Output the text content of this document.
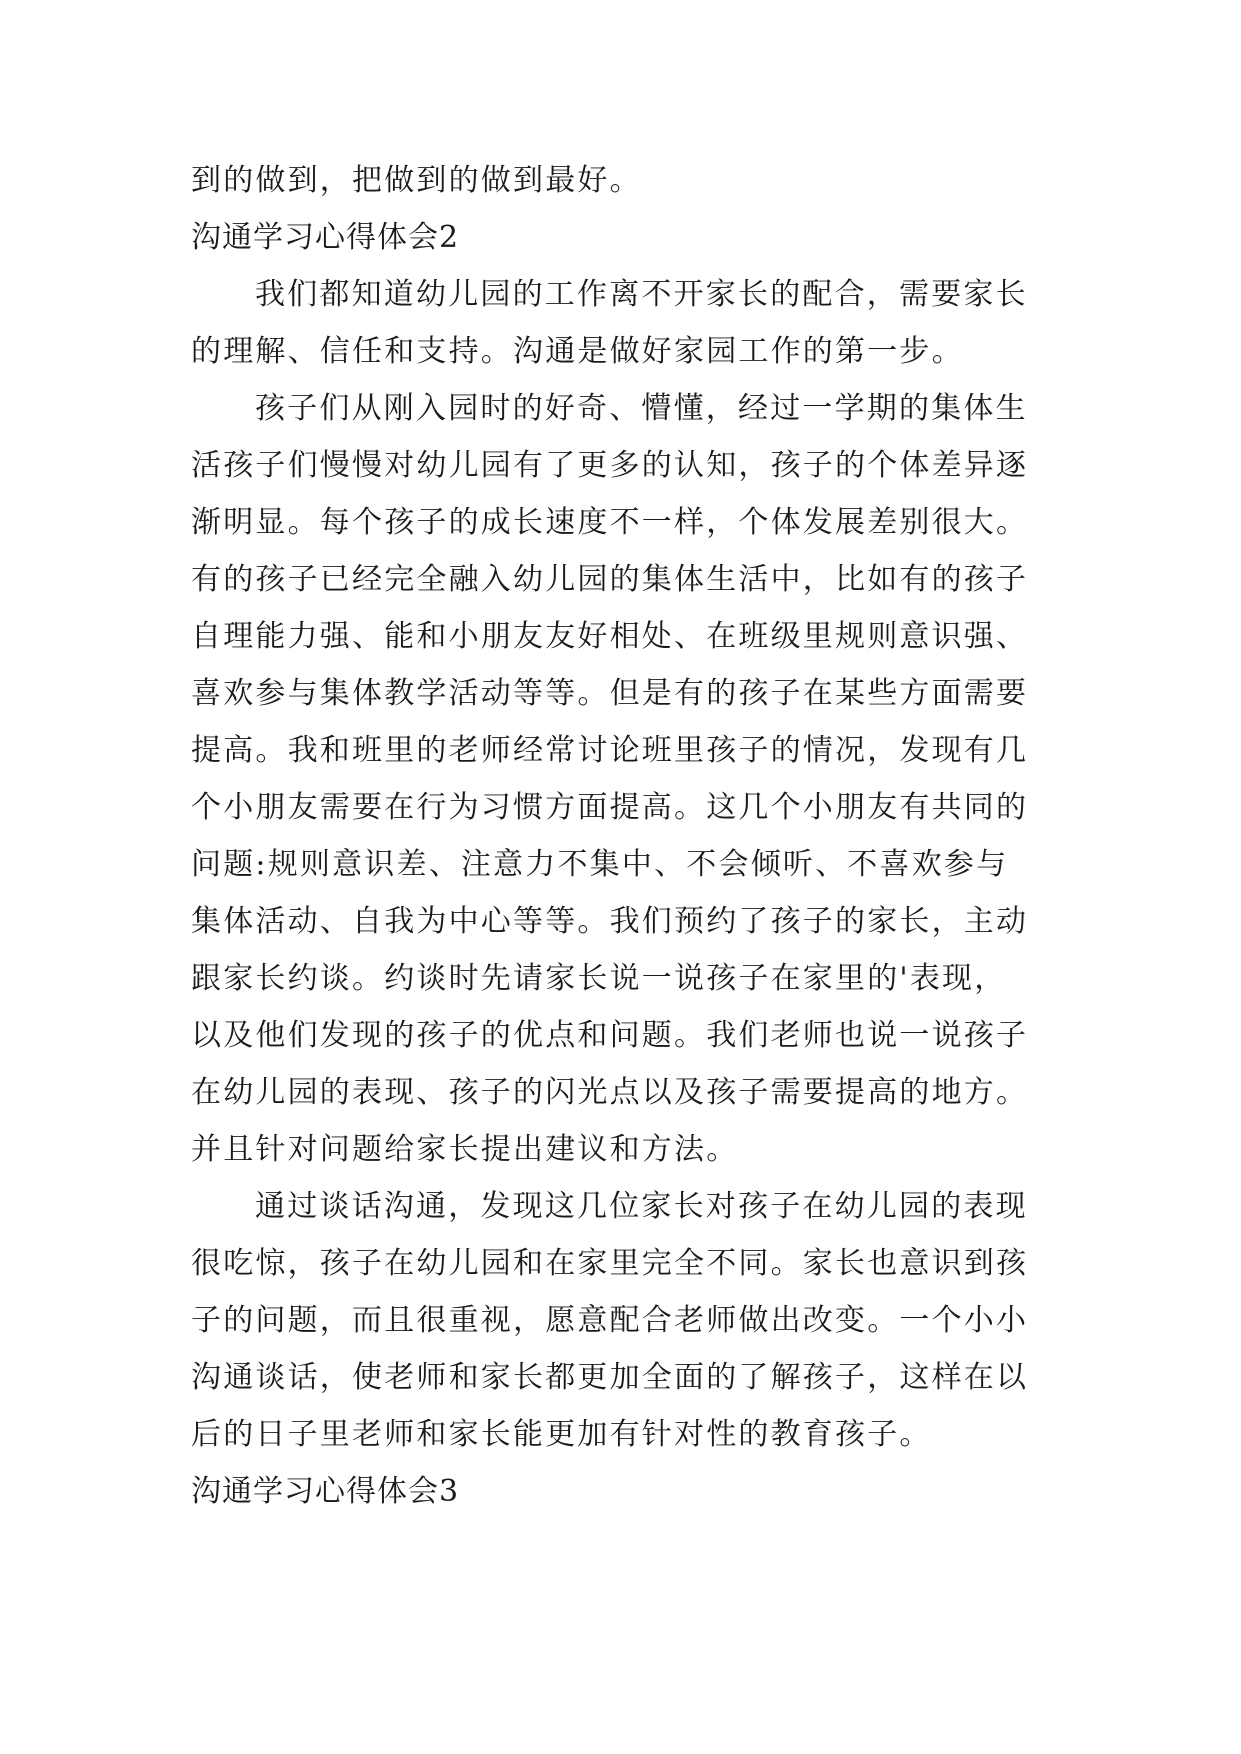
到的做到，把做到的做到最好。
沟通学习心得体会2
我们都知道幼儿园的工作离不开家长的配合，需要家长
的理解、信任和支持。沟通是做好家园工作的第一步。
孩子们从刚入园时的好奇、懵懂，经过一学期的集体生
活孩子们慢慢对幼儿园有了更多的认知，孩子的个体差异逐
渐明显。每个孩子的成长速度不一样，个体发展差别很大。
有的孩子已经完全融入幼儿园的集体生活中，比如有的孩子
自理能力强、能和小朋友友好相处、在班级里规则意识强、
喜欢参与集体教学活动等等。但是有的孩子在某些方面需要
提高。我和班里的老师经常讨论班里孩子的情况，发现有几
个小朋友需要在行为习惯方面提高。这几个小朋友有共同的
问题:规则意识差、注意力不集中、不会倾听、不喜欢参与
集体活动、自我为中心等等。我们预约了孩子的家长，主动
跟家长约谈。约谈时先请家长说一说孩子在家里的'表现，
以及他们发现的孩子的优点和问题。我们老师也说一说孩子
在幼儿园的表现、孩子的闪光点以及孩子需要提高的地方。
并且针对问题给家长提出建议和方法。
通过谈话沟通，发现这几位家长对孩子在幼儿园的表现
很吃惊，孩子在幼儿园和在家里完全不同。家长也意识到孩
子的问题，而且很重视，愿意配合老师做出改变。一个小小
沟通谈话，使老师和家长都更加全面的了解孩子，这样在以
后的日子里老师和家长能更加有针对性的教育孩子。
沟通学习心得体会3
